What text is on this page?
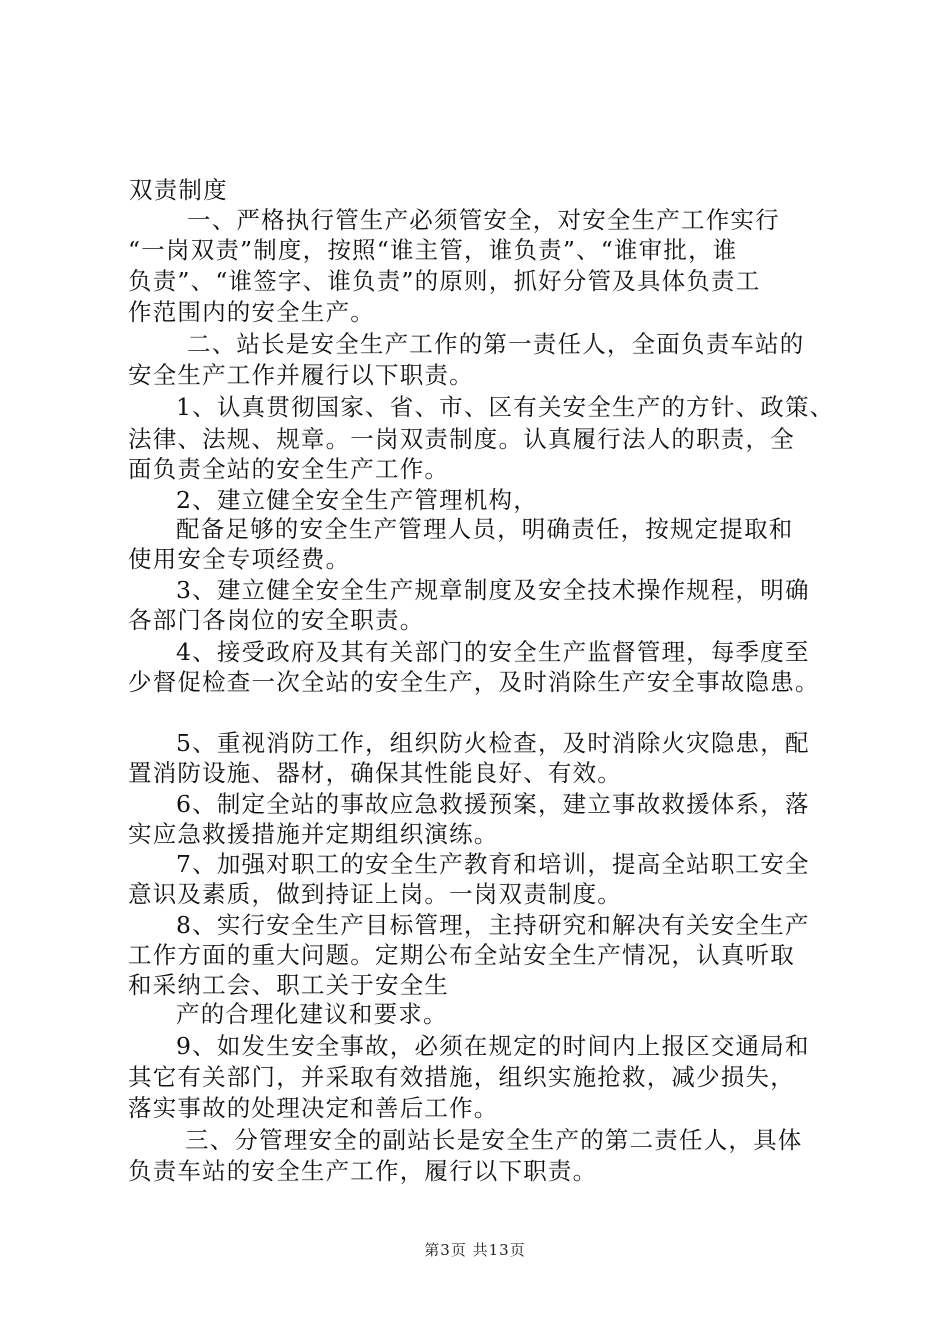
双责制度
一、严格执行管生产必须管安全，对安全生产工作实行
“一岗双责”制度，按照“谁主管，谁负责”、“谁审批，谁
负责”、“谁签字、谁负责”的原则，抓好分管及具体负责工
作范围内的安全生产。
二、站长是安全生产工作的第一责任人，全面负责车站的
安全生产工作并履行以下职责。
1、认真贯彻国家、省、市、区有关安全生产的方针、政策、
法律、法规、规章。一岗双责制度。认真履行法人的职责，全
面负责全站的安全生产工作。
2、建立健全安全生产管理机构，
配备足够的安全生产管理人员，明确责任，按规定提取和
使用安全专项经费。
3、建立健全安全生产规章制度及安全技术操作规程，明确
各部门各岗位的安全职责。
4、接受政府及其有关部门的安全生产监督管理，每季度至
少督促检查一次全站的安全生产，及时消除生产安全事故隐患。
5、重视消防工作，组织防火检查，及时消除火灾隐患，配
置消防设施、器材，确保其性能良好、有效。
6、制定全站的事故应急救援预案，建立事故救援体系，落
实应急救援措施并定期组织演练。
7、加强对职工的安全生产教育和培训，提高全站职工安全
意识及素质，做到持证上岗。一岗双责制度。
8、实行安全生产目标管理，主持研究和解决有关安全生产
工作方面的重大问题。定期公布全站安全生产情况，认真听取
和采纳工会、职工关于安全生
产的合理化建议和要求。
9、如发生安全事故，必须在规定的时间内上报区交通局和
其它有关部门，并采取有效措施，组织实施抢救，减少损失，
落实事故的处理决定和善后工作。
三、分管理安全的副站长是安全生产的第二责任人，具体
负责车站的安全生产工作，履行以下职责。
第3页 共13页
